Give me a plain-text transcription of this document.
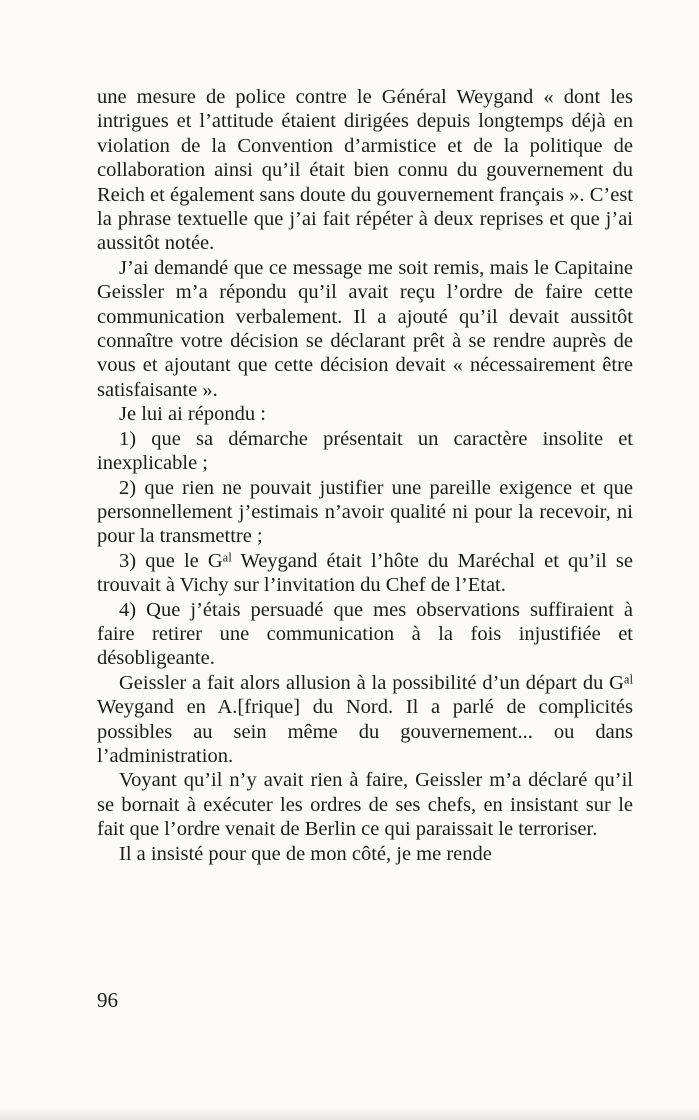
une mesure de police contre le Général Weygand « dont les intrigues et l’attitude étaient dirigées depuis longtemps déjà en violation de la Convention d’armistice et de la politique de collaboration ainsi qu’il était bien connu du gouvernement du Reich et également sans doute du gouvernement français ». C’est la phrase textuelle que j’ai fait répéter à deux reprises et que j’ai aussitôt notée.

J’ai demandé que ce message me soit remis, mais le Capitaine Geissler m’a répondu qu’il avait reçu l’ordre de faire cette communication verbalement. Il a ajouté qu’il devait aussitôt connaître votre décision se déclarant prêt à se rendre auprès de vous et ajoutant que cette décision devait « nécessairement être satisfaisante ».

Je lui ai répondu :

1) que sa démarche présentait un caractère insolite et inexplicable ;

2) que rien ne pouvait justifier une pareille exigence et que personnellement j’estimais n’avoir qualité ni pour la recevoir, ni pour la transmettre ;

3) que le Gᵃˡ Weygand était l’hôte du Maréchal et qu’il se trouvait à Vichy sur l’invitation du Chef de l’Etat.

4) Que j’étais persuadé que mes observations suffiraient à faire retirer une communication à la fois injustifiée et désobligeante.

Geissler a fait alors allusion à la possibilité d’un départ du Gᵃˡ Weygand en A.[frique] du Nord. Il a parlé de complicités possibles au sein même du gouvernement... ou dans l’administration.

Voyant qu’il n’y avait rien à faire, Geissler m’a déclaré qu’il se bornait à exécuter les ordres de ses chefs, en insistant sur le fait que l’ordre venait de Berlin ce qui paraissait le terroriser.

Il a insisté pour que de mon côté, je me rende

96
